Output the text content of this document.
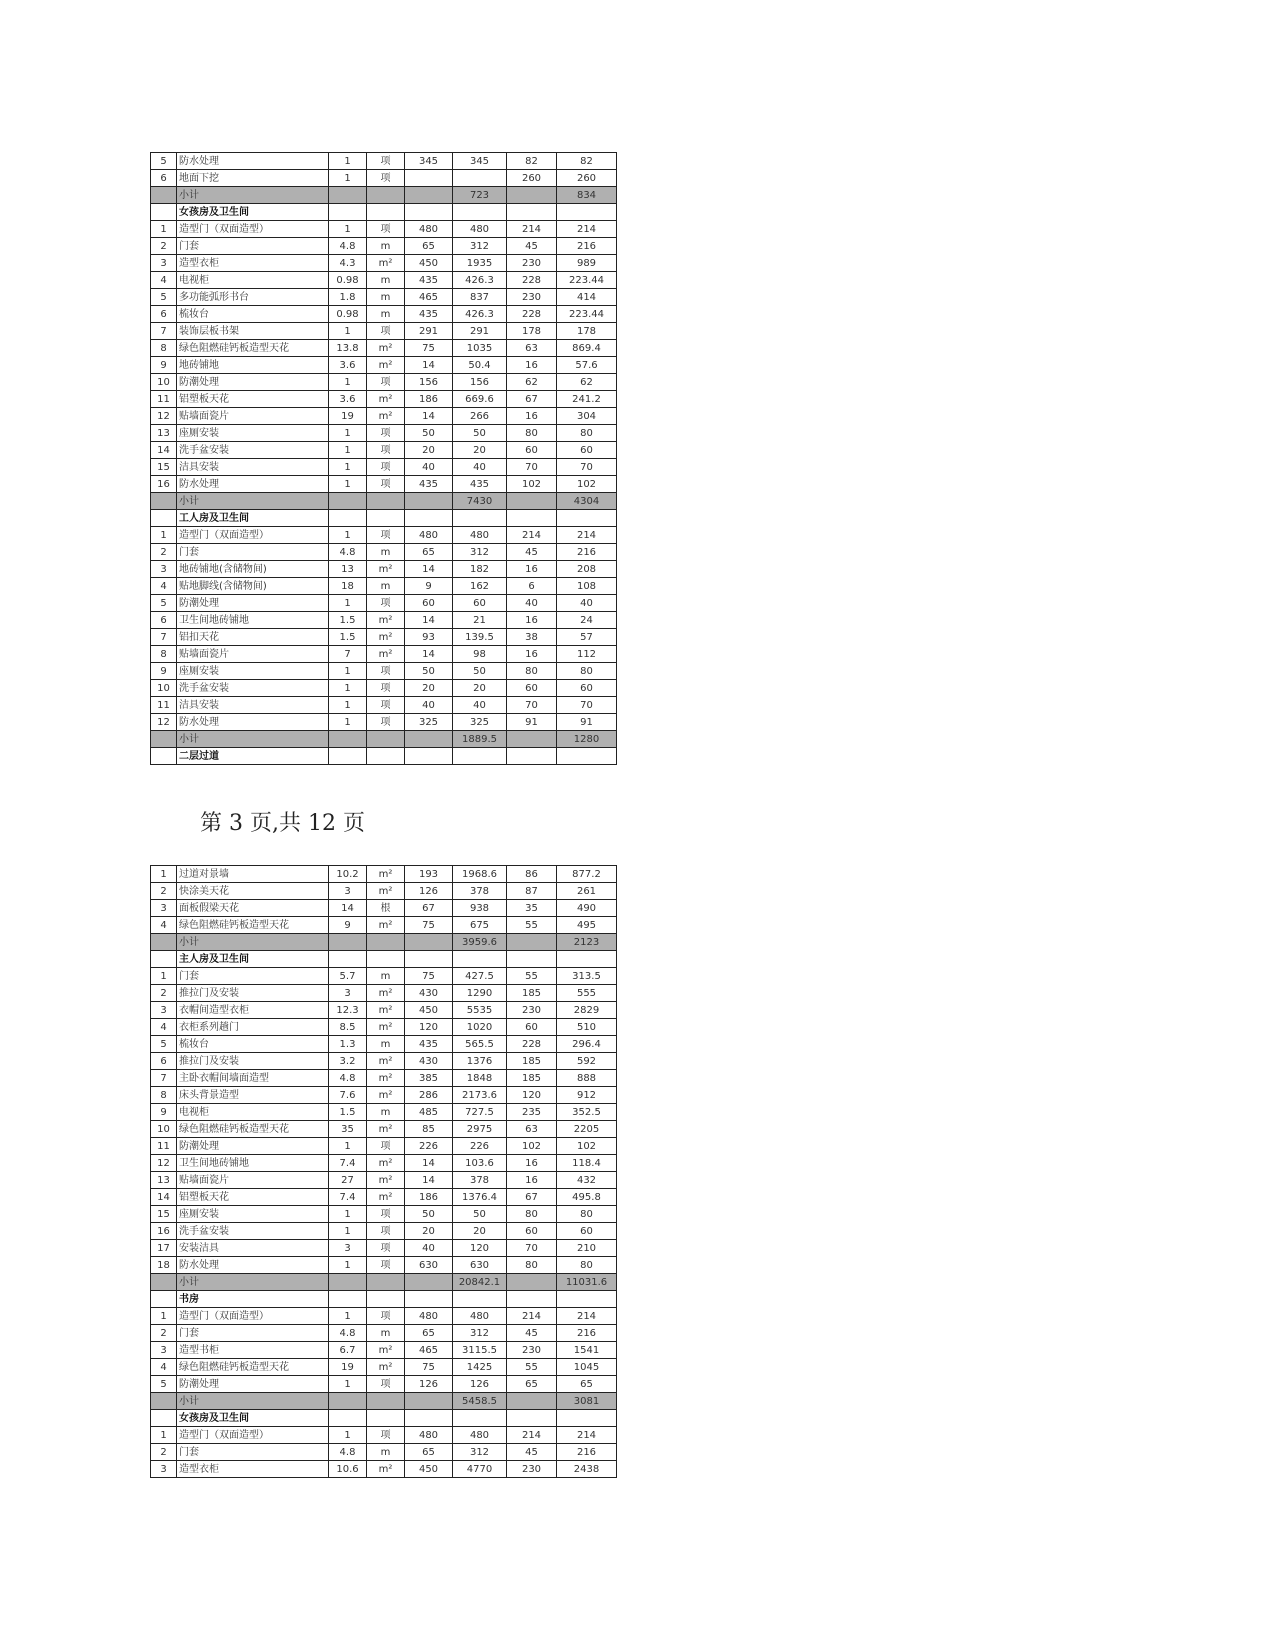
5	防水处理	1	项	345	345	82	82
6	地面下挖	1	项			260	260
	小计				723		834
	女孩房及卫生间						
1	造型门（双面造型）	1	项	480	480	214	214
2	门套	4.8	m	65	312	45	216
3	造型衣柜	4.3	m²	450	1935	230	989
4	电视柜	0.98	m	435	426.3	228	223.44
5	多功能弧形书台	1.8	m	465	837	230	414
6	梳妆台	0.98	m	435	426.3	228	223.44
7	装饰层板书架	1	项	291	291	178	178
8	绿色阻燃硅钙板造型天花	13.8	m²	75	1035	63	869.4
9	地砖铺地	3.6	m²	14	50.4	16	57.6
10	防潮处理	1	项	156	156	62	62
11	铝塑板天花	3.6	m²	186	669.6	67	241.2
12	贴墙面瓷片	19	m²	14	266	16	304
13	座厕安装	1	项	50	50	80	80
14	洗手盆安装	1	项	20	20	60	60
15	洁具安装	1	项	40	40	70	70
16	防水处理	1	项	435	435	102	102
	小计				7430		4304
	工人房及卫生间						
1	造型门（双面造型）	1	项	480	480	214	214
2	门套	4.8	m	65	312	45	216
3	地砖铺地(含储物间)	13	m²	14	182	16	208
4	贴地脚线(含储物间)	18	m	9	162	6	108
5	防潮处理	1	项	60	60	40	40
6	卫生间地砖铺地	1.5	m²	14	21	16	24
7	铝扣天花	1.5	m²	93	139.5	38	57
8	贴墙面瓷片	7	m²	14	98	16	112
9	座厕安装	1	项	50	50	80	80
10	洗手盆安装	1	项	20	20	60	60
11	洁具安装	1	项	40	40	70	70
12	防水处理	1	项	325	325	91	91
	小计				1889.5		1280
	二层过道						
第 3 页,共 12 页
1	过道对景墙	10.2	m²	193	1968.6	86	877.2
2	快涂美天花	3	m²	126	378	87	261
3	面板假梁天花	14	根	67	938	35	490
4	绿色阻燃硅钙板造型天花	9	m²	75	675	55	495
	小计				3959.6		2123
	主人房及卫生间						
1	门套	5.7	m	75	427.5	55	313.5
2	推拉门及安装	3	m²	430	1290	185	555
3	衣帽间造型衣柜	12.3	m²	450	5535	230	2829
4	衣柜系列趟门	8.5	m²	120	1020	60	510
5	梳妆台	1.3	m	435	565.5	228	296.4
6	推拉门及安装	3.2	m²	430	1376	185	592
7	主卧衣帽间墙面造型	4.8	m²	385	1848	185	888
8	床头背景造型	7.6	m²	286	2173.6	120	912
9	电视柜	1.5	m	485	727.5	235	352.5
10	绿色阻燃硅钙板造型天花	35	m²	85	2975	63	2205
11	防潮处理	1	项	226	226	102	102
12	卫生间地砖铺地	7.4	m²	14	103.6	16	118.4
13	贴墙面瓷片	27	m²	14	378	16	432
14	铝塑板天花	7.4	m²	186	1376.4	67	495.8
15	座厕安装	1	项	50	50	80	80
16	洗手盆安装	1	项	20	20	60	60
17	安装洁具	3	项	40	120	70	210
18	防水处理	1	项	630	630	80	80
	小计				20842.1		11031.6
	书房						
1	造型门（双面造型）	1	项	480	480	214	214
2	门套	4.8	m	65	312	45	216
3	造型书柜	6.7	m²	465	3115.5	230	1541
4	绿色阻燃硅钙板造型天花	19	m²	75	1425	55	1045
5	防潮处理	1	项	126	126	65	65
	小计				5458.5		3081
	女孩房及卫生间						
1	造型门（双面造型）	1	项	480	480	214	214
2	门套	4.8	m	65	312	45	216
3	造型衣柜	10.6	m²	450	4770	230	2438
